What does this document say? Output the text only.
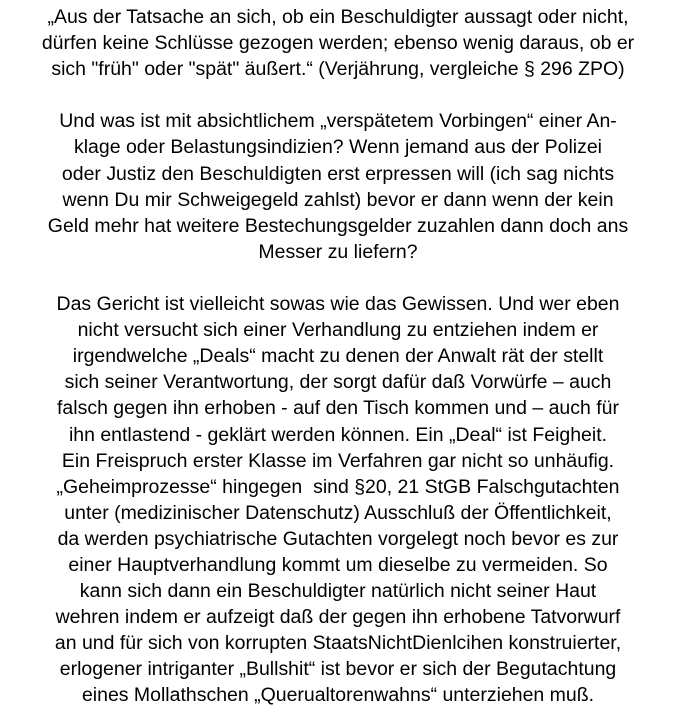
„Aus der Tatsache an sich, ob ein Beschuldigter aussagt oder nicht,
dürfen keine Schlüsse gezogen werden; ebenso wenig daraus, ob er
sich "früh" oder "spät" äußert.“ (Verjährung, vergleiche § 296 ZPO)

Und was ist mit absichtlichem „verspätetem Vorbingen“ einer An-
klage oder Belastungsindizien? Wenn jemand aus der Polizei
oder Justiz den Beschuldigten erst erpressen will (ich sag nichts
wenn Du mir Schweigegeld zahlst) bevor er dann wenn der kein
Geld mehr hat weitere Bestechungsgelder zuzahlen dann doch ans
Messer zu liefern?

Das Gericht ist vielleicht sowas wie das Gewissen. Und wer eben
nicht versucht sich einer Verhandlung zu entziehen indem er
irgendwelche „Deals“ macht zu denen der Anwalt rät der stellt
sich seiner Verantwortung, der sorgt dafür daß Vorwürfe – auch
falsch gegen ihn erhoben - auf den Tisch kommen und – auch für
ihn entlastend - geklärt werden können. Ein „Deal“ ist Feigheit.
Ein Freispruch erster Klasse im Verfahren gar nicht so unhäufig.
„Geheimprozesse“ hingegen  sind §20, 21 StGB Falschgutachten
unter (medizinischer Datenschutz) Ausschluß der Öffentlichkeit,
da werden psychiatrische Gutachten vorgelegt noch bevor es zur
einer Hauptverhandlung kommt um dieselbe zu vermeiden. So
kann sich dann ein Beschuldigter natürlich nicht seiner Haut
wehren indem er aufzeigt daß der gegen ihn erhobene Tatvorwurf
an und für sich von korrupten StaatsNichtDienlcihen konstruierter,
erlogener intriganter „Bullshit“ ist bevor er sich der Begutachtung
eines Mollathschen „Querualtorenwahns“ unterziehen muß.
